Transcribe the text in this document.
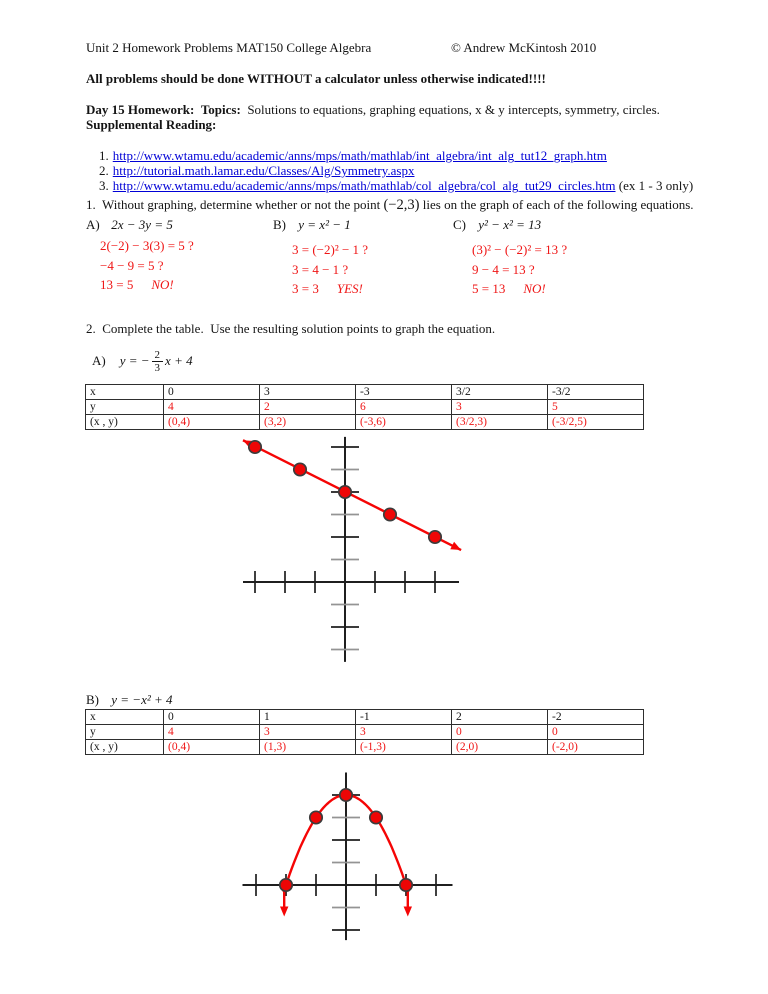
Unit 2 Homework Problems MAT150 College Algebra	© Andrew McKintosh 2010
All problems should be done WITHOUT a calculator unless otherwise indicated!!!!
Day 15 Homework: Topics: Solutions to equations, graphing equations, x & y intercepts, symmetry, circles.
Supplemental Reading:

1. http://www.wtamu.edu/academic/anns/mps/math/mathlab/int_algebra/int_alg_tut12_graph.htm

2. http://tutorial.math.lamar.edu/Classes/Alg/Symmetry.aspx

3. http://www.wtamu.edu/academic/anns/mps/math/mathlab/col_algebra/col_alg_tut29_circles.htm (ex 1 - 3 only)

1.  Without graphing, determine whether or not the point (−2,3) lies on the graph of each of the following equations.
A) 2x − 3y = 5	B) y = x² − 1	C) y² − x² = 13
2(−2) − 3(3) = 5 ?
−4 − 9 = 5 ?
13 = 5 NO!
3 = (−2)² − 1 ?
3 = 4 − 1 ?
3 = 3 YES!
(3)² − (−2)² = 13 ?
9 − 4 = 13 ?
5 = 13 NO!
2.  Complete the table.  Use the resulting solution points to graph the equation.
A) y = − $\frac{2}{3}$ x + 4
x	0	3	-3	3/2	-3/2
y	4	2	6	3	5
(x , y)	(0,4)	(3,2)	(-3,6)	(3/2,3)	(-3/2,5)
B) y = −x² + 4
x	0	1	-1	2	-2
y	4	3	3	0	0
(x , y)	(0,4)	(1,3)	(-1,3)	(2,0)	(-2,0)
